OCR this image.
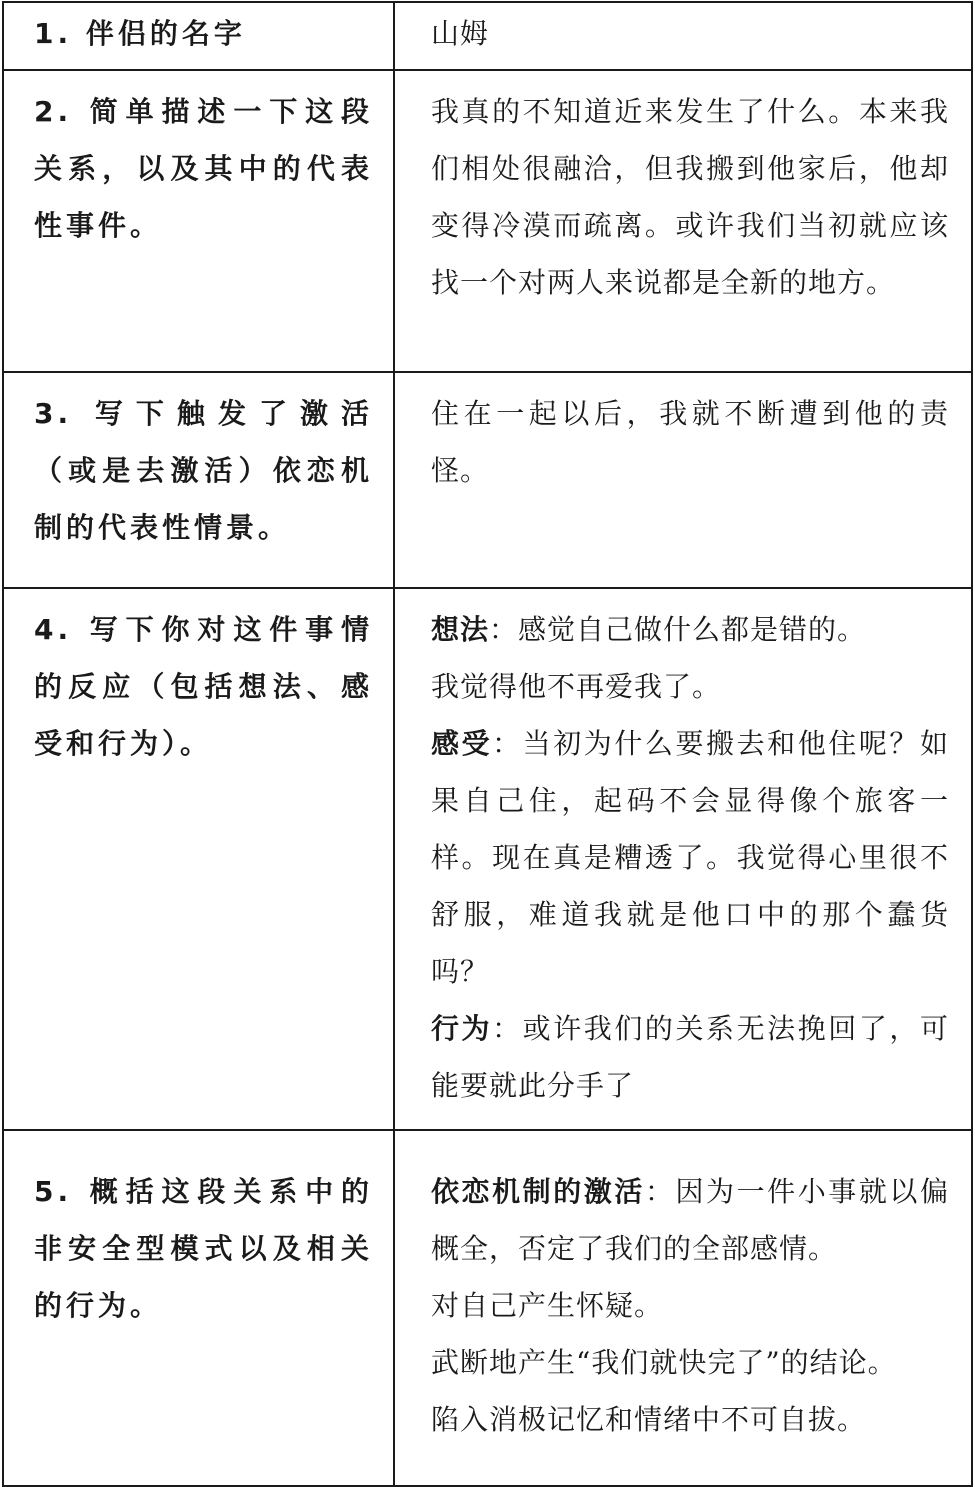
1. 伴侣的名字	山姆

2. 简单描述一下这段关系，以及其中的代表性事件。	我真的不知道近来发生了什么。本来我们相处很融洽，但我搬到他家后，他却变得冷漠而疏离。或许我们当初就应该找一个对两人来说都是全新的地方。

3. 写下触发了激活（或是去激活）依恋机制的代表性情景。	住在一起以后，我就不断遭到他的责怪。

4. 写下你对这件事情的反应（包括想法、感受和行为）。	想法：感觉自己做什么都是错的。
我觉得他不再爱我了。
感受：当初为什么要搬去和他住呢？如果自己住，起码不会显得像个旅客一样。现在真是糟透了。我觉得心里很不舒服，难道我就是他口中的那个蠢货吗？
行为：或许我们的关系无法挽回了，可能要就此分手了

5. 概括这段关系中的非安全型模式以及相关的行为。	依恋机制的激活：因为一件小事就以偏概全，否定了我们的全部感情。
对自己产生怀疑。
武断地产生“我们就快完了”的结论。
陷入消极记忆和情绪中不可自拔。
